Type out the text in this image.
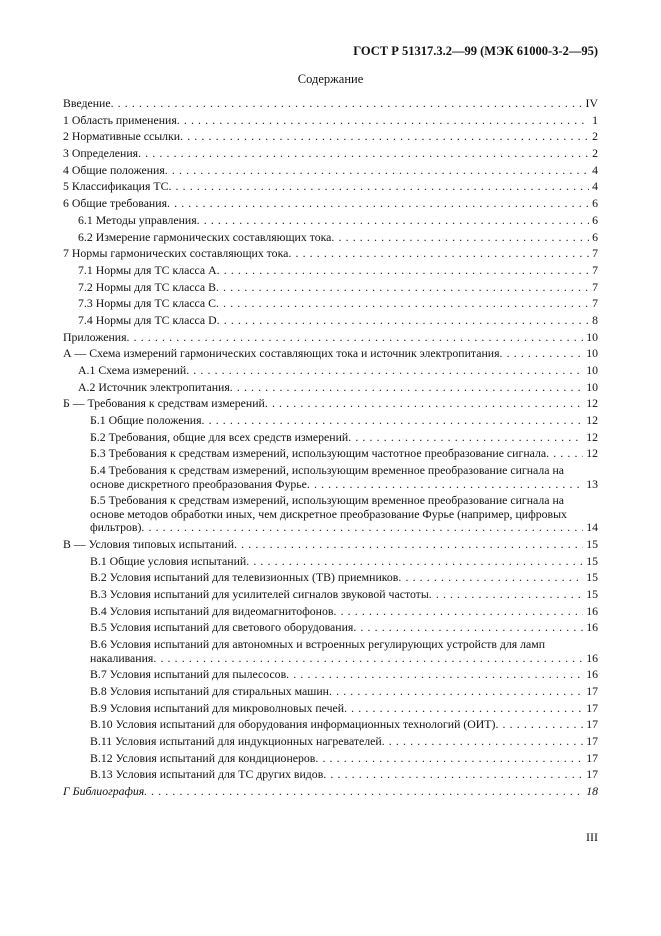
ГОСТ Р 51317.3.2—99 (МЭК 61000-3-2—95)
Содержание
Введение . . .	IV
1 Область применения . . .	1
2 Нормативные ссылки . . .	2
3 Определения . . .	2
4 Общие положения . . .	4
5 Классификация ТС . . .	4
6 Общие требования . . .	6
6.1 Методы управления . . .	6
6.2 Измерение гармонических составляющих тока . . .	6
7 Нормы гармонических составляющих тока . . .	7
7.1 Нормы для ТС класса A . . .	7
7.2 Нормы для ТС класса B . . .	7
7.3 Нормы для ТС класса C . . .	7
7.4 Нормы для ТС класса D . . .	8
Приложения . . .	10
А — Схема измерений гармонических составляющих тока и источник электропитания . . .	10
А.1 Схема измерений . . .	10
А.2 Источник электропитания . . .	10
Б — Требования к средствам измерений . . .	12
Б.1 Общие положения . . .	12
Б.2 Требования, общие для всех средств измерений . . .	12
Б.3 Требования к средствам измерений, использующим частотное преобразование сигнала . . .	12
Б.4 Требования к средствам измерений, использующим временное преобразование сигнала на основе дискретного преобразования Фурье . . .	13
Б.5 Требования к средствам измерений, использующим временное преобразование сигнала на основе методов обработки иных, чем дискретное преобразование Фурье (например, цифровых фильтров) . . .	14
В — Условия типовых испытаний . . .	15
В.1 Общие условия испытаний . . .	15
В.2 Условия испытаний для телевизионных (ТВ) приемников . . .	15
В.3 Условия испытаний для усилителей сигналов звуковой частоты . . .	15
В.4 Условия испытаний для видеомагнитофонов . . .	16
В.5 Условия испытаний для светового оборудования . . .	16
В.6 Условия испытаний для автономных и встроенных регулирующих устройств для ламп накаливания . . .	16
В.7 Условия испытаний для пылесосов . . .	16
В.8 Условия испытаний для стиральных машин . . .	17
В.9 Условия испытаний для микроволновых печей . . .	17
В.10 Условия испытаний для оборудования информационных технологий (ОИТ) . . .	17
В.11 Условия испытаний для индукционных нагревателей . . .	17
В.12 Условия испытаний для кондиционеров . . .	17
В.13 Условия испытаний для ТС других видов . . .	17
Г Библиография . . .	18
III
